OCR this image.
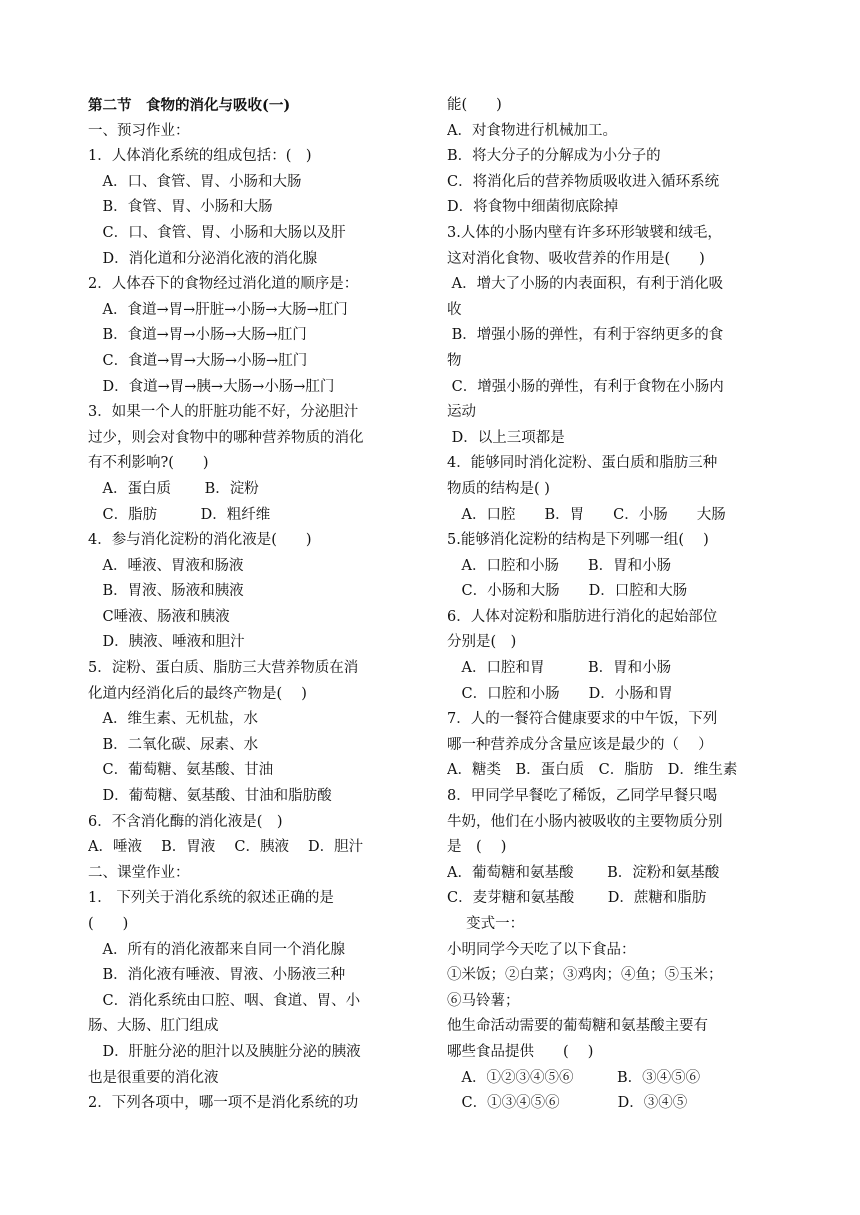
第二节　食物的消化与吸收(一)
一、预习作业：
1．人体消化系统的组成包括：(　)
　A．口、食管、胃、小肠和大肠
　B．食管、胃、小肠和大肠
　C．口、食管、胃、小肠和大肠以及肝
　D．消化道和分泌消化液的消化腺
2．人体吞下的食物经过消化道的顺序是：
　A．食道→胃→肝脏→小肠→大肠→肛门
　B．食道→胃→小肠→大肠→肛门
　C．食道→胃→大肠→小肠→肛门
　D．食道→胃→胰→大肠→小肠→肛门
3．如果一个人的肝脏功能不好，分泌胆汁
过少，则会对食物中的哪种营养物质的消化
有不利影响?(　　)
　A．蛋白质　　 B．淀粉
　C．脂肪　　　D．粗纤维
4．参与消化淀粉的消化液是(　　)
　A．唾液、胃液和肠液
　B．胃液、肠液和胰液
　C唾液、肠液和胰液
　D．胰液、唾液和胆汁
5．淀粉、蛋白质、脂肪三大营养物质在消
化道内经消化后的最终产物是(　 )
　A．维生素、无机盐，水
　B．二氧化碳、尿素、水
　C．葡萄糖、氨基酸、甘油
　D．葡萄糖、氨基酸、甘油和脂肪酸
6．不含消化酶的消化液是(　)
A．唾液　 B．胃液　 C．胰液　 D．胆汁
二、课堂作业：
1． 下列关于消化系统的叙述正确的是
(　　)
　A．所有的消化液都来自同一个消化腺
　B．消化液有唾液、胃液、小肠液三种
　C．消化系统由口腔、咽、食道、胃、小
肠、大肠、肛门组成
　D．肝脏分泌的胆汁以及胰脏分泌的胰液
也是很重要的消化液
2．下列各项中，哪一项不是消化系统的功
能(　　)
A．对食物进行机械加工。
B．将大分子的分解成为小分子的
C．将消化后的营养物质吸收进入循环系统
D．将食物中细菌彻底除掉
3.人体的小肠内壁有许多环形皱襞和绒毛，
这对消化食物、吸收营养的作用是(　　)
A．增大了小肠的内表面积，有利于消化吸
收
B．增强小肠的弹性，有利于容纳更多的食
物
C．增强小肠的弹性，有利于食物在小肠内
运动
D．以上三项都是
4．能够同时消化淀粉、蛋白质和脂肪三种
物质的结构是( )
　A．口腔　　B．胃　　C．小肠　　大肠
5.能够消化淀粉的结构是下列哪一组(　 )
　A．口腔和小肠　　B．胃和小肠
　C．小肠和大肠　　D．口腔和大肠
6．人体对淀粉和脂肪进行消化的起始部位
分别是(　)
　A．口腔和胃　　　B．胃和小肠
　C．口腔和小肠　　D．小肠和胃
7．人的一餐符合健康要求的中午饭，下列
哪一种营养成分含量应该是最少的（　 ）
A．糖类　B．蛋白质　C．脂肪　D．维生素
8．甲同学早餐吃了稀饭，乙同学早餐只喝
牛奶，他们在小肠内被吸收的主要物质分别
是　(　 )
A．葡萄糖和氨基酸　　 B．淀粉和氨基酸
C．麦芽糖和氨基酸　　 D．蔗糖和脂肪
　 变式一：
小明同学今天吃了以下食品：
①米饭；②白菜；③鸡肉；④鱼；⑤玉米；
⑥马铃薯；
他生命活动需要的葡萄糖和氨基酸主要有
哪些食品提供　　(　 )
　A．①②③④⑤⑥　　　B．③④⑤⑥
　C．①③④⑤⑥　　　　D．③④⑤
